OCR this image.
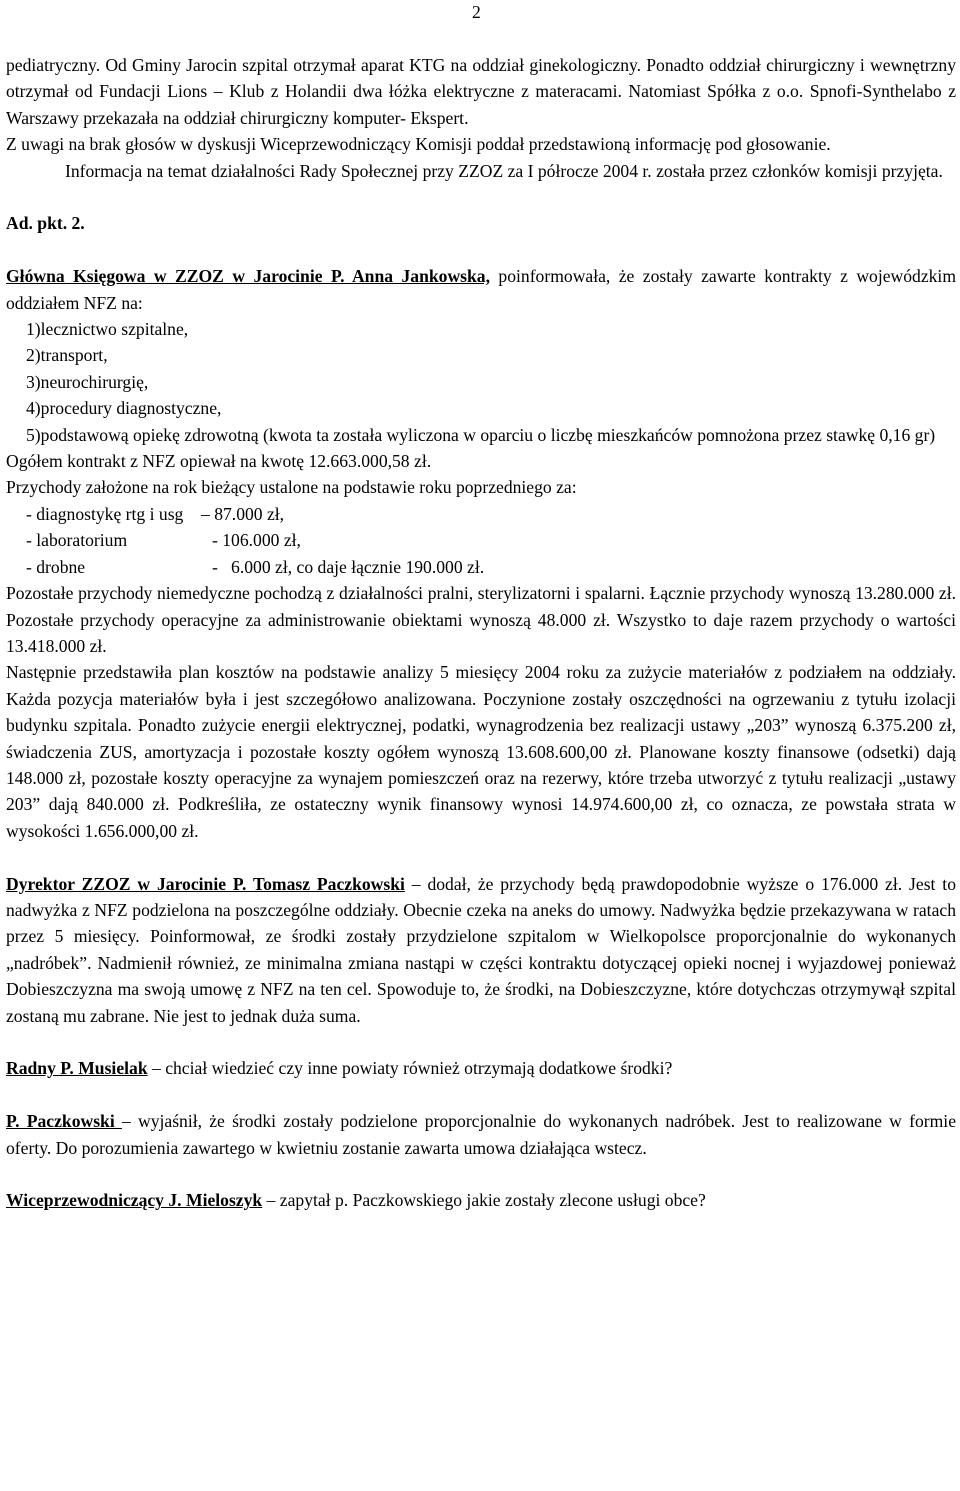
2

pediatryczny. Od Gminy Jarocin szpital otrzymał aparat KTG na oddział ginekologiczny. Ponadto oddział chirurgiczny i wewnętrzny otrzymał od Fundacji Lions – Klub z Holandii dwa łóżka elektryczne z materacami. Natomiast Spółka z o.o. Spnofi-Synthelabo z Warszawy przekazała na oddział chirurgiczny komputer- Ekspert.

Z uwagi na brak głosów w dyskusji Wiceprzewodniczący Komisji poddał przedstawioną informację pod głosowanie.

Informacja na temat działalności Rady Społecznej przy ZZOZ za I półrocze 2004 r. została przez członków komisji przyjęta.

Ad. pkt. 2.

Główna Księgowa w ZZOZ w Jarocinie P. Anna Jankowska, poinformowała, że zostały zawarte kontrakty z wojewódzkim oddziałem NFZ na:

1)lecznictwo szpitalne,
2)transport,
3)neurochirurgię,
4)procedury diagnostyczne,
5)podstawową opiekę zdrowotną (kwota ta została wyliczona w oparciu o liczbę mieszkańców pomnożona przez stawkę 0,16 gr)

Ogółem kontrakt z NFZ opiewał na kwotę 12.663.000,58 zł.

Przychody założone na rok bieżący ustalone na podstawie roku poprzedniego za:

- diagnostykę rtg i usg	– 87.000 zł,
- laboratorium	- 106.000 zł,
- drobne	-   6.000 zł, co daje łącznie 190.000 zł.

Pozostałe przychody niemedyczne pochodzą z działalności pralni, sterylizatorni i spalarni. Łącznie przychody wynoszą 13.280.000 zł. Pozostałe przychody operacyjne za administrowanie obiektami wynoszą 48.000 zł. Wszystko to daje razem przychody o wartości 13.418.000 zł.

Następnie przedstawiła plan kosztów na podstawie analizy 5 miesięcy 2004 roku za zużycie materiałów z podziałem na oddziały. Każda pozycja materiałów była i jest szczegółowo analizowana. Poczynione zostały oszczędności na ogrzewaniu z tytułu izolacji budynku szpitala. Ponadto zużycie energii elektrycznej, podatki, wynagrodzenia bez realizacji ustawy „203” wynoszą 6.375.200 zł, świadczenia ZUS, amortyzacja i pozostałe koszty ogółem wynoszą 13.608.600,00 zł. Planowane koszty finansowe (odsetki) dają 148.000 zł, pozostałe koszty operacyjne za wynajem pomieszczeń oraz na rezerwy, które trzeba utworzyć z tytułu realizacji „ustawy 203” dają 840.000 zł. Podkreśliła, ze ostateczny wynik finansowy wynosi 14.974.600,00 zł, co oznacza, ze powstała strata w wysokości 1.656.000,00 zł.

Dyrektor ZZOZ w Jarocinie P. Tomasz Paczkowski – dodał, że przychody będą prawdopodobnie wyższe o 176.000 zł. Jest to nadwyżka z NFZ podzielona na poszczególne oddziały. Obecnie czeka na aneks do umowy. Nadwyżka będzie przekazywana w ratach przez 5 miesięcy. Poinformował, ze środki zostały przydzielone szpitalom w Wielkopolsce proporcjonalnie do wykonanych „nadróbek”. Nadmienił również, ze minimalna zmiana nastąpi w części kontraktu dotyczącej opieki nocnej i wyjazdowej ponieważ Dobieszczyzna ma swoją umowę z NFZ na ten cel. Spowoduje to, że środki, na Dobieszczyzne, które dotychczas otrzymywął szpital zostaną mu zabrane. Nie jest to jednak duża suma.

Radny P. Musielak – chciał wiedzieć czy inne powiaty również otrzymają dodatkowe środki?

P. Paczkowski – wyjaśnił, że środki zostały podzielone proporcjonalnie do wykonanych nadróbek. Jest to realizowane w formie oferty. Do porozumienia zawartego w kwietniu zostanie zawarta umowa działająca wstecz.

Wiceprzewodniczący J. Mieloszyk – zapytał p. Paczkowskiego jakie zostały zlecone usługi obce?
